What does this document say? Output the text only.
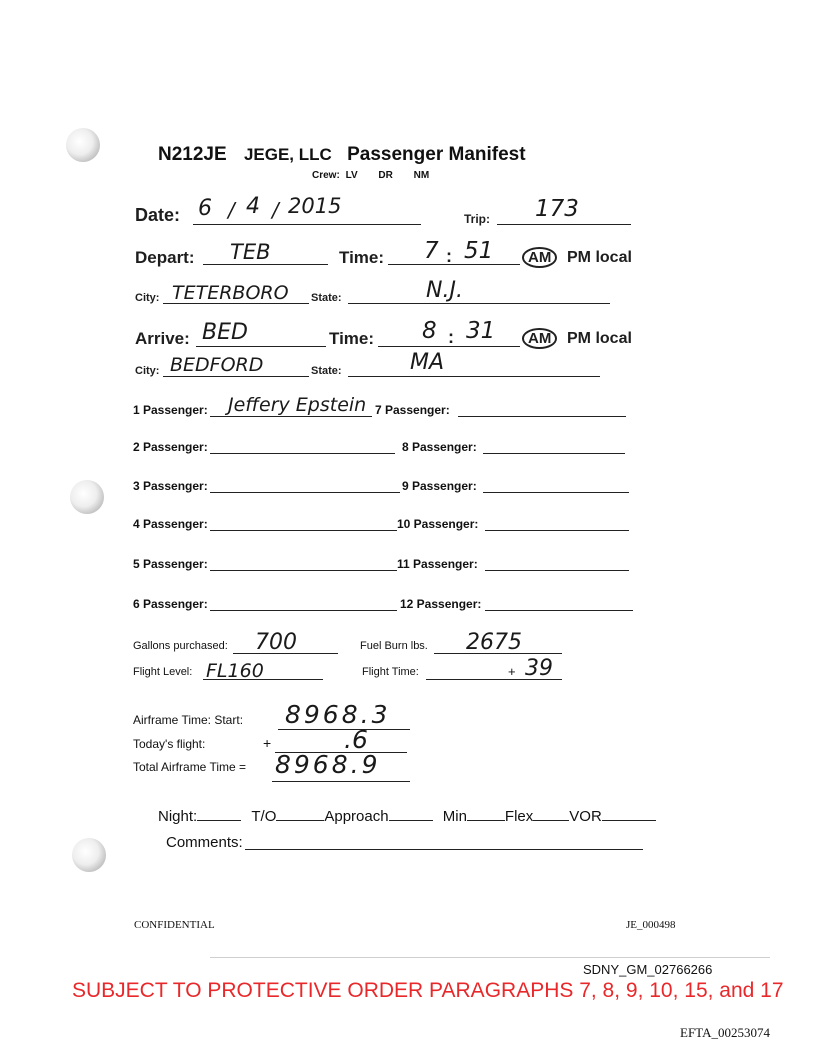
N212JE JEGE, LLC Passenger Manifest
Crew: LV DR NM
Date: 6 / 4 / 2015
Trip: 173
Depart: TEB	Time: 7 : 51	AM PM local
City: TETERBORO State:	N.J.
Arrive: BED	Time: 8 : 31	AM PM local
City: BEDFORD	State:	MA
1 Passenger: Jeffery Epstein 7 Passenger:
2 Passenger:	8 Passenger:
3 Passenger:	9 Passenger:
4 Passenger:	10 Passenger:
5 Passenger:	11 Passenger:
6 Passenger:	12 Passenger:
Gallons purchased: 700	Fuel Burn lbs. 2675
Flight Level: FL160	Flight Time:	+ 39
Airframe Time: Start: 8968.3
Today's flight:	+	.6
Total Airframe Time = 8968.9
Night:	T/O	Approach	Min	Flex VOR
Comments:
CONFIDENTIAL	JE_000498
SDNY_GM_02766266
SUBJECT TO PROTECTIVE ORDER PARAGRAPHS 7, 8, 9, 10, 15, and 17
EFTA_00253074
